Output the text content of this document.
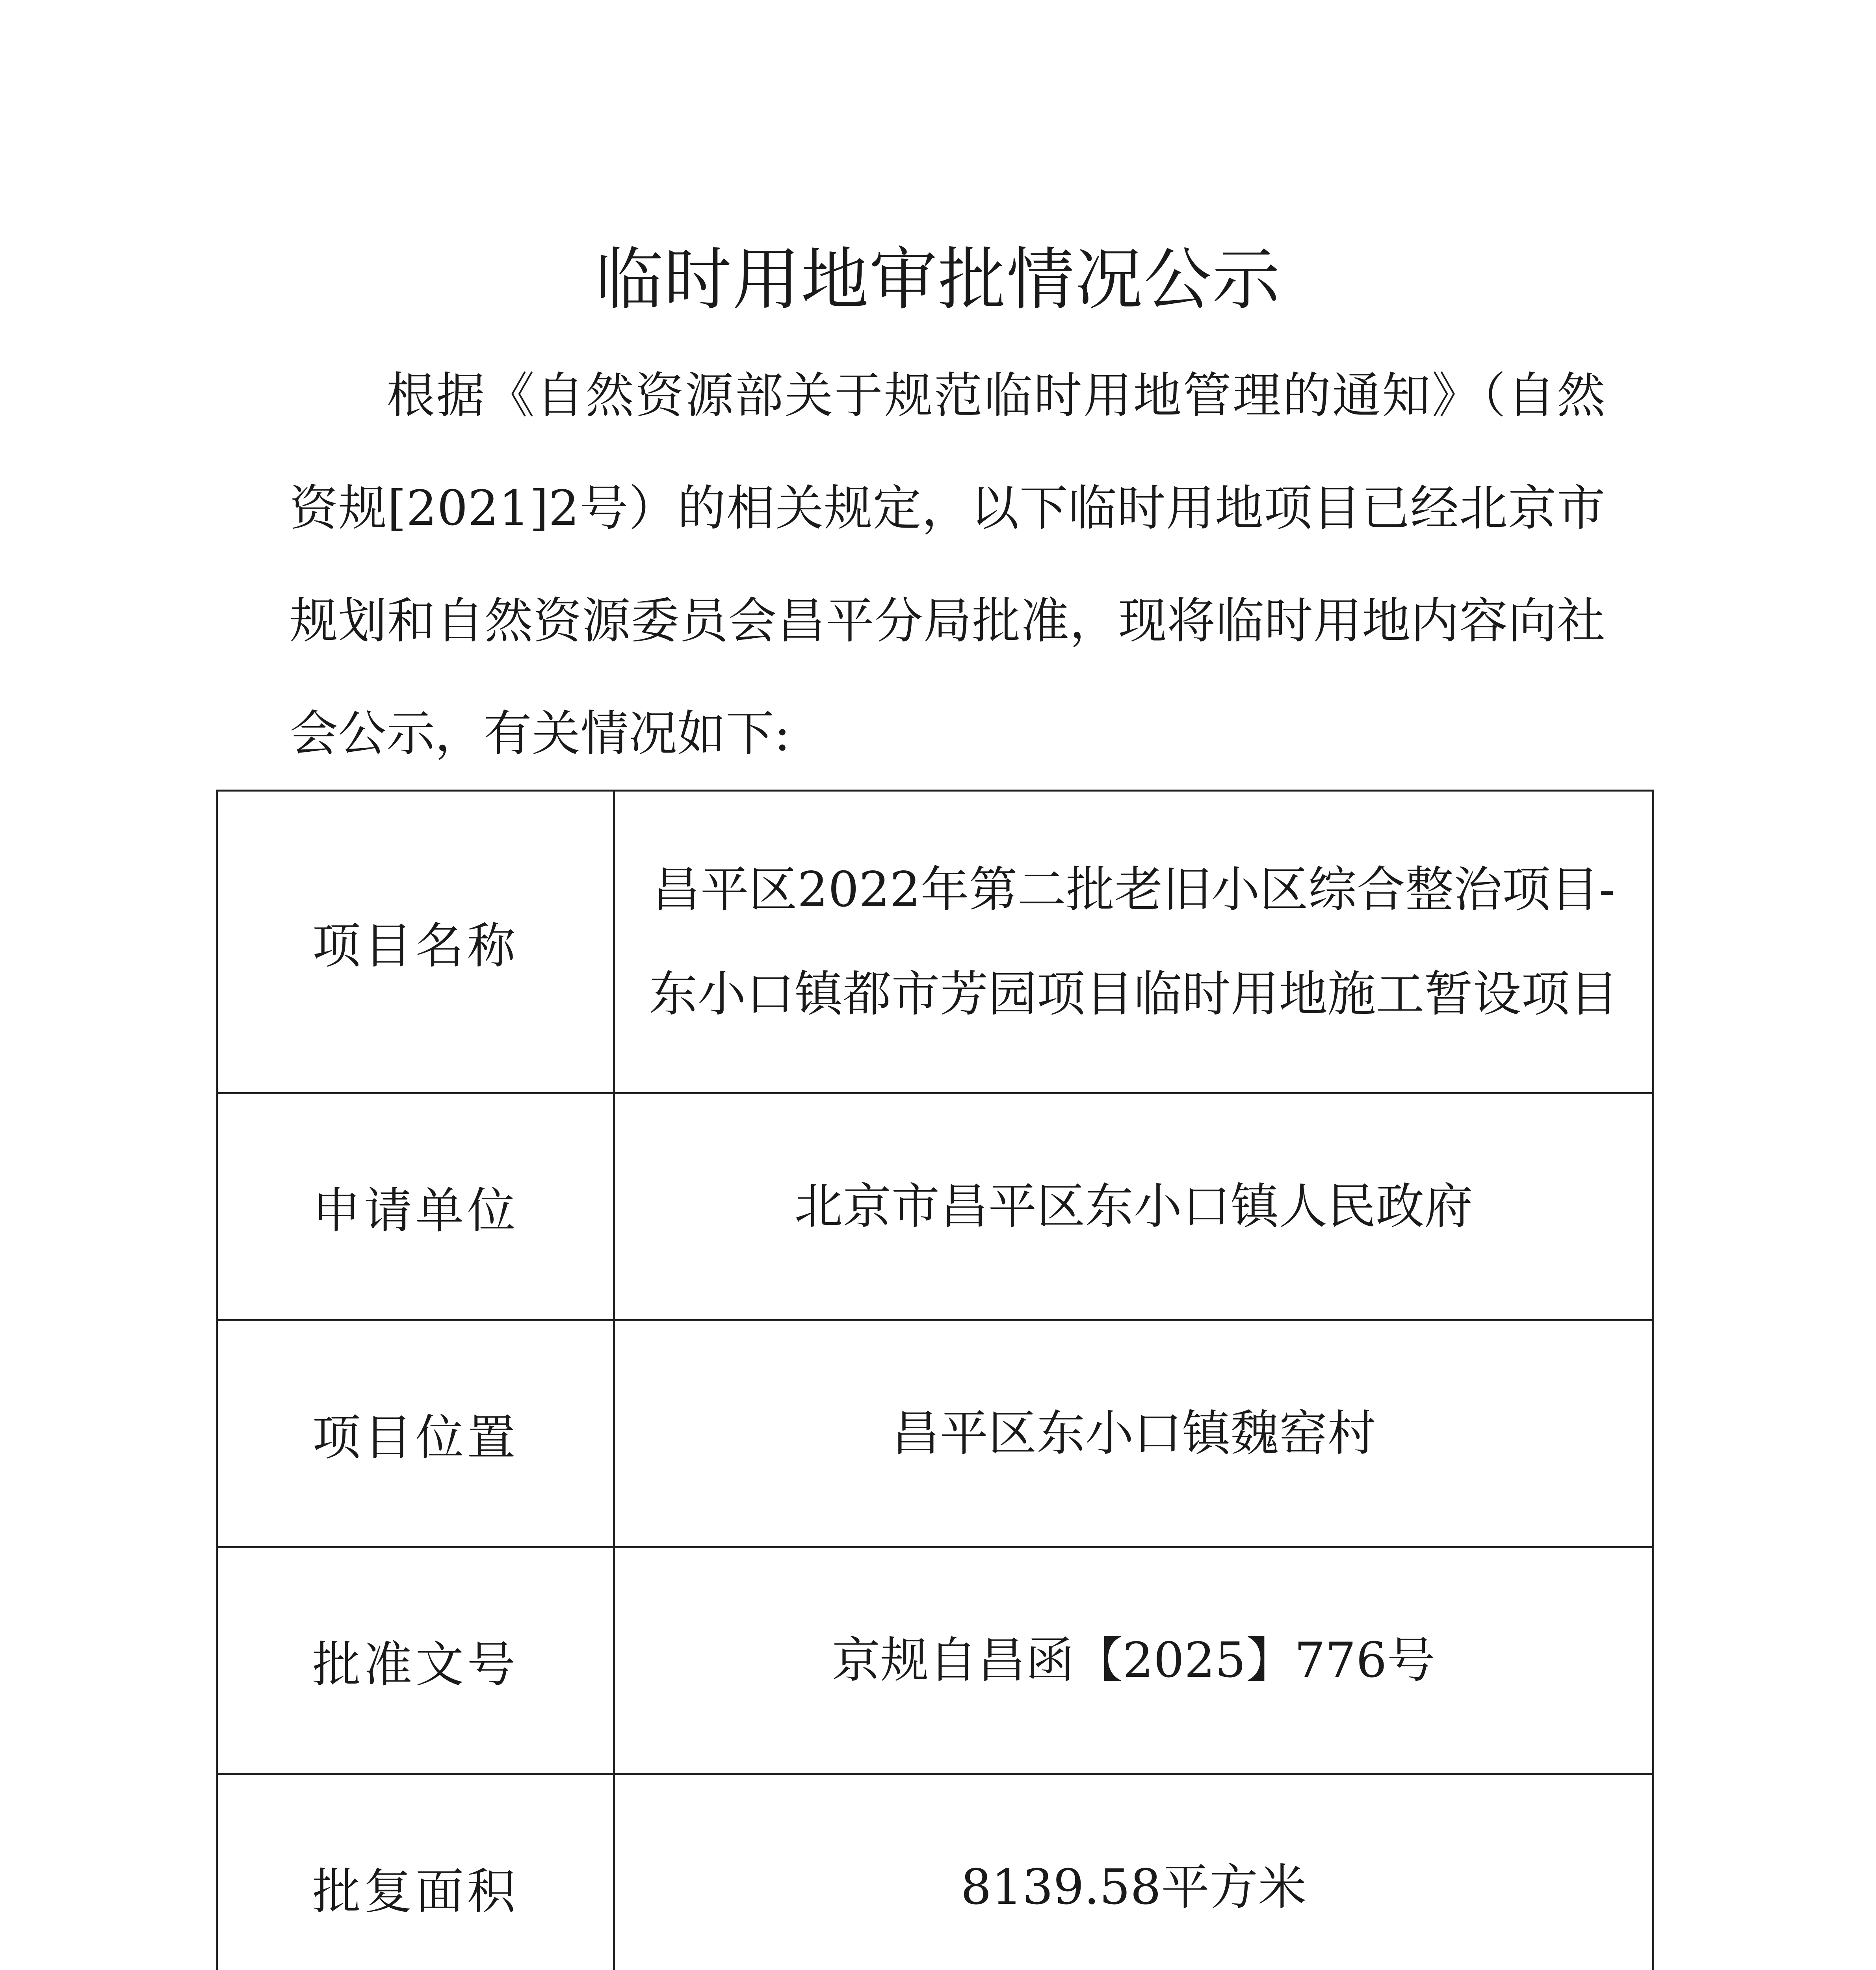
临时用地审批情况公示

根据《自然资源部关于规范临时用地管理的通知》（自然资规[2021]2号）的相关规定，以下临时用地项目已经北京市规划和自然资源委员会昌平分局批准，现将临时用地内容向社会公示，有关情况如下:

项目名称	昌平区2022年第二批老旧小区综合整治项目-东小口镇都市芳园项目临时用地施工暂设项目
申请单位	北京市昌平区东小口镇人民政府
项目位置	昌平区东小口镇魏窑村
批准文号	京规自昌函【2025】776号
批复面积	8139.58平方米
